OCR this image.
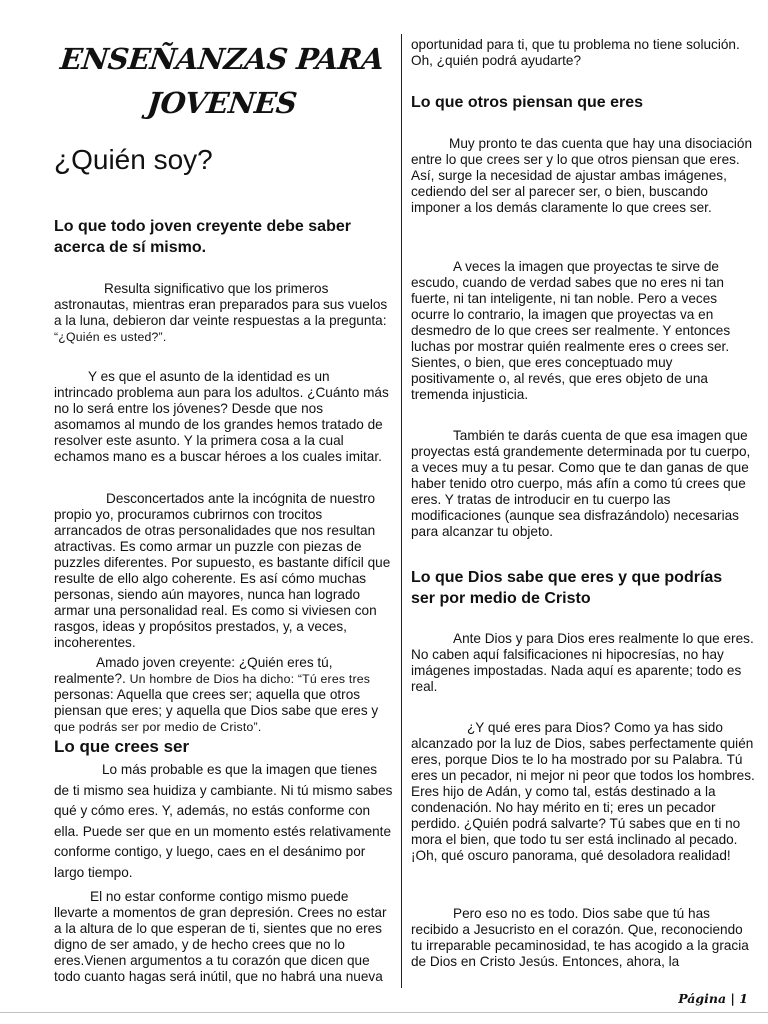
ENSEÑANZAS PARA
JOVENES
¿Quién soy?

Lo que todo joven creyente debe saber acerca de sí mismo.

Resulta significativo que los primeros astronautas, mientras eran preparados para sus vuelos a la luna, debieron dar veinte respuestas a la pregunta: “¿Quién es usted?”.

Y es que el asunto de la identidad es un intrincado problema aun para los adultos. ¿Cuánto más no lo será entre los jóvenes? Desde que nos asomamos al mundo de los grandes hemos tratado de resolver este asunto. Y la primera cosa a la cual echamos mano es a buscar héroes a los cuales imitar.

Desconcertados ante la incógnita de nuestro propio yo, procuramos cubrirnos con trocitos arrancados de otras personalidades que nos resultan atractivas. Es como armar un puzzle con piezas de puzzles diferentes. Por supuesto, es bastante difícil que resulte de ello algo coherente. Es así cómo muchas personas, siendo aún mayores, nunca han logrado armar una personalidad real. Es como si viviesen con rasgos, ideas y propósitos prestados, y, a veces, incoherentes.

Amado joven creyente: ¿Quién eres tú, realmente?. Un hombre de Dios ha dicho: “Tú eres tres personas: Aquella que crees ser; aquella que otros piensan que eres; y aquella que Dios sabe que eres y que podrás ser por medio de Cristo”.

Lo que crees ser

Lo más probable es que la imagen que tienes de ti mismo sea huidiza y cambiante. Ni tú mismo sabes qué y cómo eres. Y, además, no estás conforme con ella. Puede ser que en un momento estés relativamente conforme contigo, y luego, caes en el desánimo por largo tiempo.

El no estar conforme contigo mismo puede llevarte a momentos de gran depresión. Crees no estar a la altura de lo que esperan de ti, sientes que no eres digno de ser amado, y de hecho crees que no lo eres.Vienen argumentos a tu corazón que dicen que todo cuanto hagas será inútil, que no habrá una nueva

oportunidad para ti, que tu problema no tiene solución. Oh, ¿quién podrá ayudarte?

Lo que otros piensan que eres

Muy pronto te das cuenta que hay una disociación entre lo que crees ser y lo que otros piensan que eres. Así, surge la necesidad de ajustar ambas imágenes, cediendo del ser al parecer ser, o bien, buscando imponer a los demás claramente lo que crees ser.

A veces la imagen que proyectas te sirve de escudo, cuando de verdad sabes que no eres ni tan fuerte, ni tan inteligente, ni tan noble. Pero a veces ocurre lo contrario, la imagen que proyectas va en desmedro de lo que crees ser realmente. Y entonces luchas por mostrar quién realmente eres o crees ser. Sientes, o bien, que eres conceptuado muy positivamente o, al revés, que eres objeto de una tremenda injusticia.

También te darás cuenta de que esa imagen que proyectas está grandemente determinada por tu cuerpo, a veces muy a tu pesar. Como que te dan ganas de que haber tenido otro cuerpo, más afín a como tú crees que eres. Y tratas de introducir en tu cuerpo las modificaciones (aunque sea disfrazándolo) necesarias para alcanzar tu objeto.

Lo que Dios sabe que eres y que podrías ser por medio de Cristo

Ante Dios y para Dios eres realmente lo que eres. No caben aquí falsificaciones ni hipocresías, no hay imágenes impostadas. Nada aquí es aparente; todo es real.

¿Y qué eres para Dios? Como ya has sido alcanzado por la luz de Dios, sabes perfectamente quién eres, porque Dios te lo ha mostrado por su Palabra. Tú eres un pecador, ni mejor ni peor que todos los hombres. Eres hijo de Adán, y como tal, estás destinado a la condenación. No hay mérito en ti; eres un pecador perdido. ¿Quién podrá salvarte? Tú sabes que en ti no mora el bien, que todo tu ser está inclinado al pecado. ¡Oh, qué oscuro panorama, qué desoladora realidad!

Pero eso no es todo. Dios sabe que tú has recibido a Jesucristo en el corazón. Que, reconociendo tu irreparable pecaminosidad, te has acogido a la gracia de Dios en Cristo Jesús. Entonces, ahora, la

Página | 1
